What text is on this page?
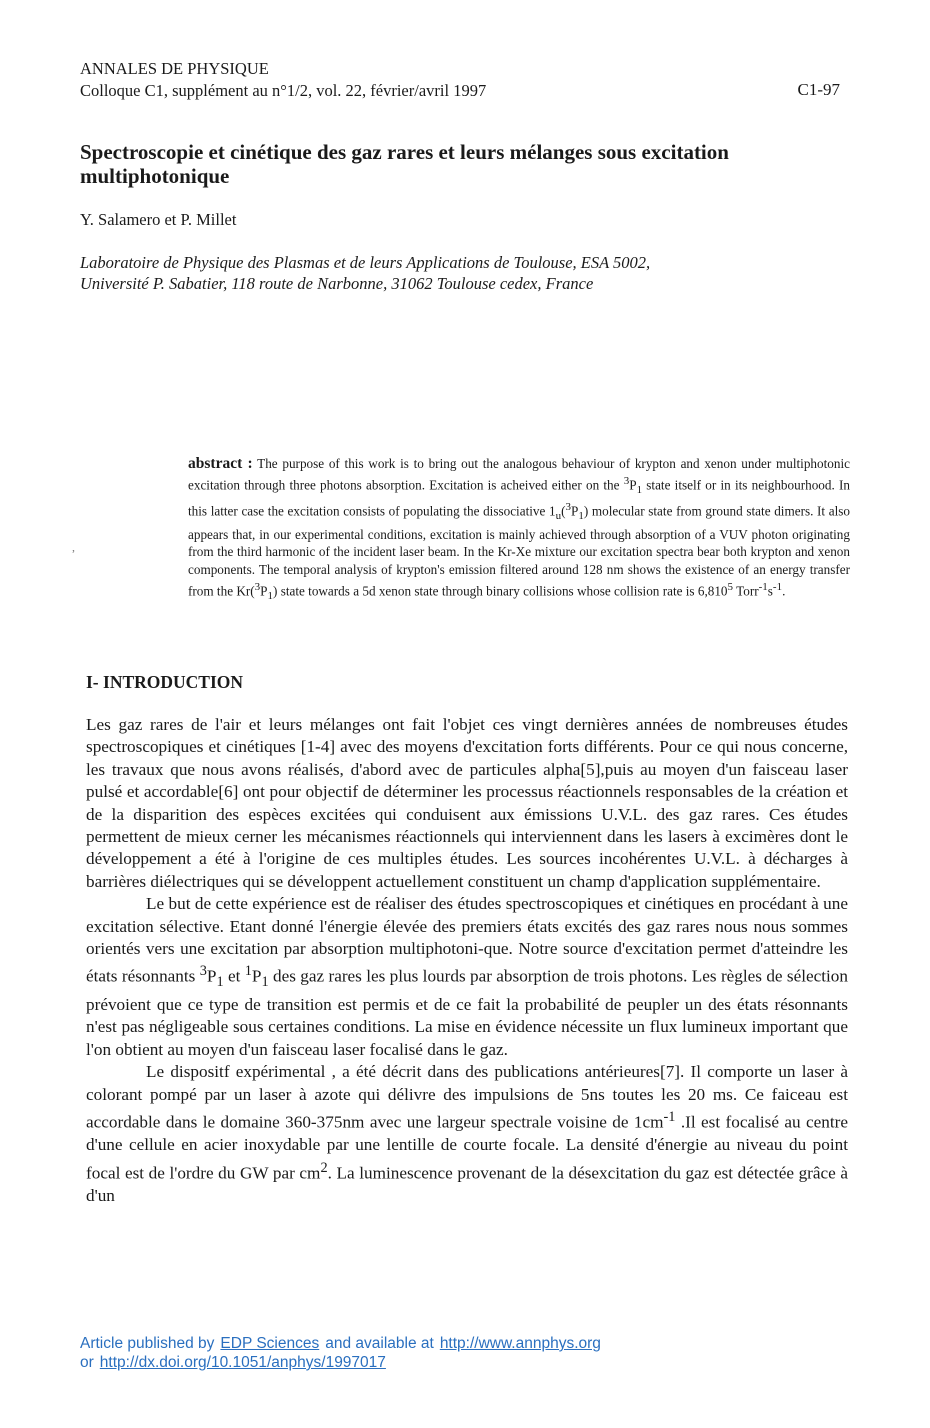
ANNALES DE PHYSIQUE
Colloque C1, supplément au n°1/2, vol. 22, février/avril 1997	C1-97
Spectroscopie et cinétique des gaz rares et leurs mélanges sous excitation multiphotonique
Y. Salamero et P. Millet
Laboratoire de Physique des Plasmas et de leurs Applications de Toulouse, ESA 5002,
Université P. Sabatier, 118 route de Narbonne, 31062 Toulouse cedex, France
,
abstract : The purpose of this work is to bring out the analogous behaviour of krypton and xenon under multiphotonic excitation through three photons absorption. Excitation is acheived either on the $^3P_1$ state itself or in its neighbourhood. In this latter case the excitation consists of populating the dissociative $1_u(^3P_1)$ molecular state from ground state dimers. It also appears that, in our experimental conditions, excitation is mainly achieved through absorption of a VUV photon originating from the third harmonic of the incident laser beam. In the Kr-Xe mixture our excitation spectra bear both krypton and xenon components. The temporal analysis of krypton's emission filtered around 128 nm shows the existence of an energy transfer from the $Kr(^3P_1)$ state towards a 5d xenon state through binary collisions whose collision rate is 6,810$^5$ $Torr^{-1}s^{-1}$.
I- INTRODUCTION

Les gaz rares de l'air et leurs mélanges ont fait l'objet ces vingt dernières années de nombreuses études spectroscopiques et cinétiques [1-4] avec des moyens d'excitation forts différents. Pour ce qui nous concerne, les travaux que nous avons réalisés, d'abord avec de particules alpha[5],puis au moyen d'un faisceau laser pulsé et accordable[6] ont pour objectif de déterminer les processus réactionnels responsables de la création et de la disparition des espèces excitées qui conduisent aux émissions U.V.L. des gaz rares. Ces études permettent de mieux cerner les mécanismes réactionnels qui interviennent dans les lasers à excimères dont le développement a été à l'origine de ces multiples études. Les sources incohérentes U.V.L. à décharges à barrières diélectriques qui se développent actuellement constituent un champ d'application supplémentaire.

Le but de cette expérience est de réaliser des études spectroscopiques et cinétiques en procédant à une excitation sélective. Etant donné l'énergie élevée des premiers états excités des gaz rares nous nous sommes orientés vers une excitation par absorption multiphotoni-que. Notre source d'excitation permet d'atteindre les états résonnants $^3P_1$ et $^1P_1$ des gaz rares les plus lourds par absorption de trois photons. Les règles de sélection prévoient que ce type de transition est permis et de ce fait la probabilité de peupler un des états résonnants n'est pas négligeable sous certaines conditions. La mise en évidence nécessite un flux lumineux important que l'on obtient au moyen d'un faisceau laser focalisé dans le gaz.

Le dispositf expérimental , a été décrit dans des publications antérieures[7]. Il comporte un laser à colorant pompé par un laser à azote qui délivre des impulsions de 5ns toutes les 20 ms. Ce faiceau est accordable dans le domaine 360-375nm avec une largeur spectrale voisine de $1cm^{-1}$ .Il est focalisé au centre d'une cellule en acier inoxydable par une lentille de courte focale. La densité d'énergie au niveau du point focal est de l'ordre du GW par $cm^2$. La luminescence provenant de la désexcitation du gaz est détectée grâce à d'un

Article published by EDP Sciences and available at http://www.annphys.org
or http://dx.doi.org/10.1051/anphys/1997017
